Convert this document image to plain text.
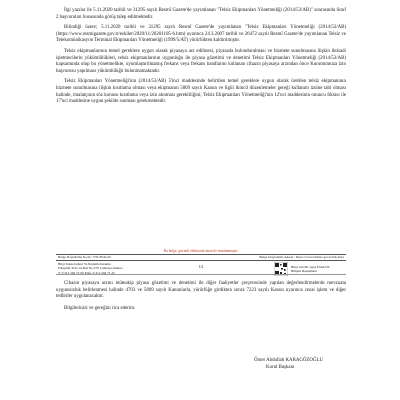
İlgi yazılar ile 5.11.2020 tarihli ve 31295 sayılı Resmî Gazete'de yayımlanan "Telsiz Ekipmanları Yönetmeliği (2014/53/AB)" sonrasında Sınıf 2 başvuruları hususunda görüş talep edilmektedir.

Bilindiği üzere; 5.11.2020 tarihli ve 31295 sayılı Resmî Gazete'de yayımlanan "Telsiz Ekipmanları Yönetmeliği (2014/53/AB) (https://www.resmigazete.gov.tr/eskiler/2020/11/20201105-6.htm) uyarınca 24.3.2007 tarihli ve 26472 sayılı Resmî Gazete'de yayımlanan Telsiz ve Telekomünikasyon Terminal Ekipmanları Yönetmeliği (1999/5/AT) yürürlükten kaldırılmıştır.

Telsiz ekipmanlarının temel gereklere uygun olarak piyasaya arz edilmesi, piyasada bulundurulması ve hizmete sunulmasına ilişkin iktisadi işletmecilerin yükümlülükleri, telsiz ekipmanlarının uygunluğu ile piyasa gözetimi ve denetimi Telsiz Ekipmanları Yönetmeliği (2014/53/AB) kapsamında olup bu yönetmelikte, uyumlaştırılmamış frekans veya frekans bandlarını kullanan cihazın piyasaya arzından önce Kurumumuza izin başvurusu yapılması yükümlülüğü bulunmamaktadır.

Telsiz Ekipmanları Yönetmeliği'nin (2014/53/AB) 5'inci maddesinde belirtilen temel gereklere uygun olarak üretilen telsiz ekipmanının hizmete sunulmasına ilişkin kısıtlama olması veya ekipmanın 5809 sayılı Kanun ve ilgili ikincil düzenlemeler gereği kullanım iznine tabi olması halinde, imalatçının söz konusu kısıtlama veya izin alınması gerekliliğini; Telsiz Ekipmanları Yönetmeliği'nin 12'nci maddesinin onuncu fıkrası ile 17'nci maddesine uygun şekilde sunması gerekmektedir.

Bu belge, güvenli elektronik imza ile imzalanmıştır.
Belge Doğrulama Kodu : VSUIYAGW	Belge Doğrulama Adresi : https://www.turkiye.gov.tr/btk-ebys
Bilgi Teknolojileri Ve İletişim Kurumu
Eskişehir Yolu 10.Km No:276 Çankaya/Ankara
T: 0 312 294 72 00 Faks: 0 312 294 71 45
Bilgi için:Dr. Ayşe İNALÖZ
Bilişim Başuzmanı
1/2

Cihazın piyasaya arzını müteakip piyasa gözetimi ve denetimi ile diğer faaliyetler çerçevesinde yapılan değerlendirmelerde mevzuata uygunsuzluk belirlenmesi halinde 4703 ve 5809 sayılı Kanunlarla, yürürlüğe girdikten sonra 7223 sayılı Kanun uyarınca cezai işlem ve diğer tedbirler uygulanacaktır.

Bilgilerinizi ve gereğini rica ederim.

Ömer Abdullah KARAGÖZOĞLU
Kurul Başkanı
